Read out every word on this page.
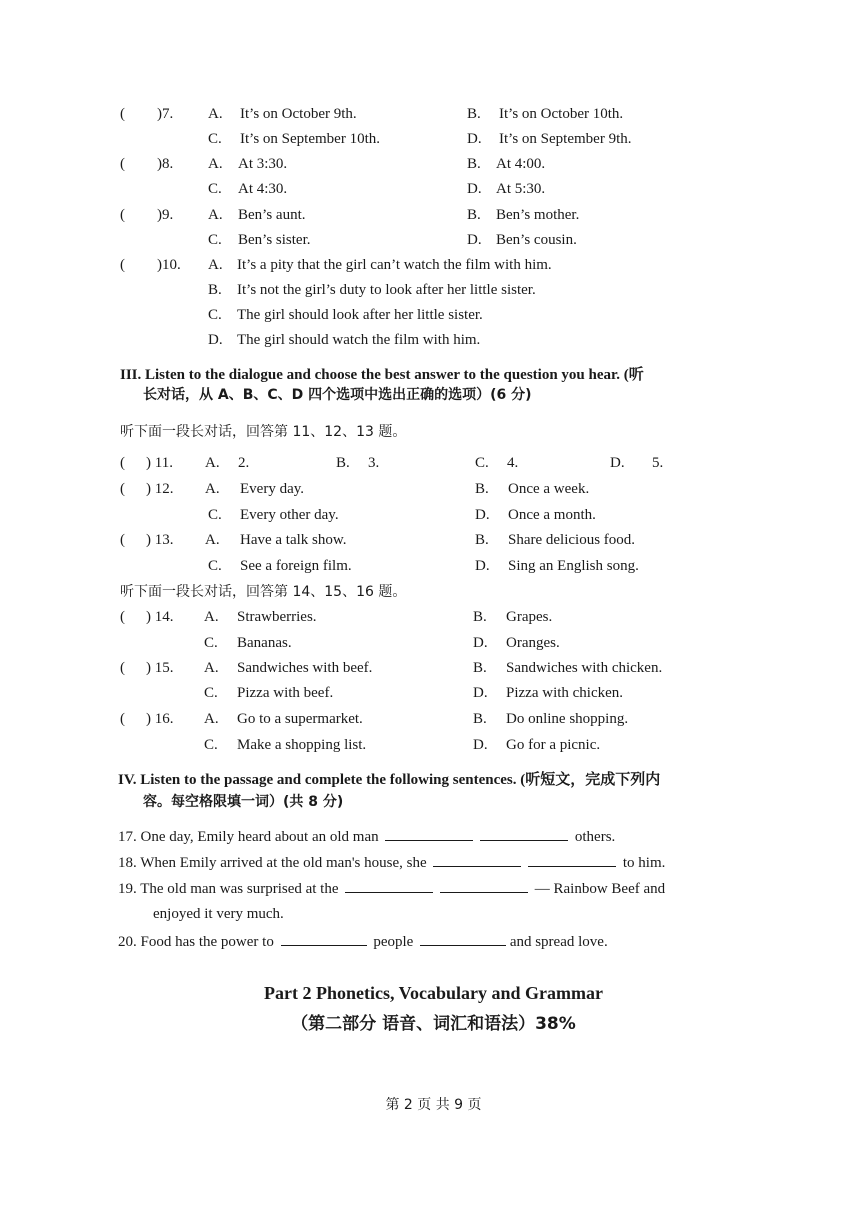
( )7. A. It’s on October 9th.	B. It’s on October 10th.
C. It’s on September 10th.	D. It’s on September 9th.
( )8. A. At 3:30.	B. At 4:00.
C. At 4:30.	D. At 5:30.
( )9. A. Ben’s aunt.	B. Ben’s mother.
C. Ben’s sister.	D. Ben’s cousin.
( )10. A. It’s a pity that the girl can’t watch the film with him.
B. It’s not the girl’s duty to look after her little sister.
C. The girl should look after her little sister.
D. The girl should watch the film with him.
III. Listen to the dialogue and choose the best answer to the question you hear. (听
长对话，从 A、B、C、D 四个选项中选出正确的选项）(6 分)
听下面一段长对话，回答第 11、12、13 题。
( ) 11. A. 2.	B. 3.	C. 4.	D. 5.
( ) 12. A. Every day.	B. Once a week.
C. Every other day.	D. Once a month.
( ) 13. A. Have a talk show.	B. Share delicious food.
C. See a foreign film.	D. Sing an English song.
听下面一段长对话，回答第 14、15、16 题。
( ) 14. A. Strawberries.	B. Grapes.
C. Bananas.	D. Oranges.
( ) 15. A. Sandwiches with beef.	B. Sandwiches with chicken.
C. Pizza with beef.	D. Pizza with chicken.
( ) 16. A. Go to a supermarket.	B. Do online shopping.
C. Make a shopping list.	D. Go for a picnic.
IV. Listen to the passage and complete the following sentences. (听短文，完成下列内
容。每空格限填一词）(共 8 分)
17. One day, Emily heard about an old man	others.
18. When Emily arrived at the old man's house, she	to him.
19. The old man was surprised at the	— Rainbow Beef and
enjoyed it very much.
20. Food has the power to	people	and spread love.
Part 2 Phonetics, Vocabulary and Grammar
（第二部分 语音、词汇和语法）38%
第 2 页 共 9 页
